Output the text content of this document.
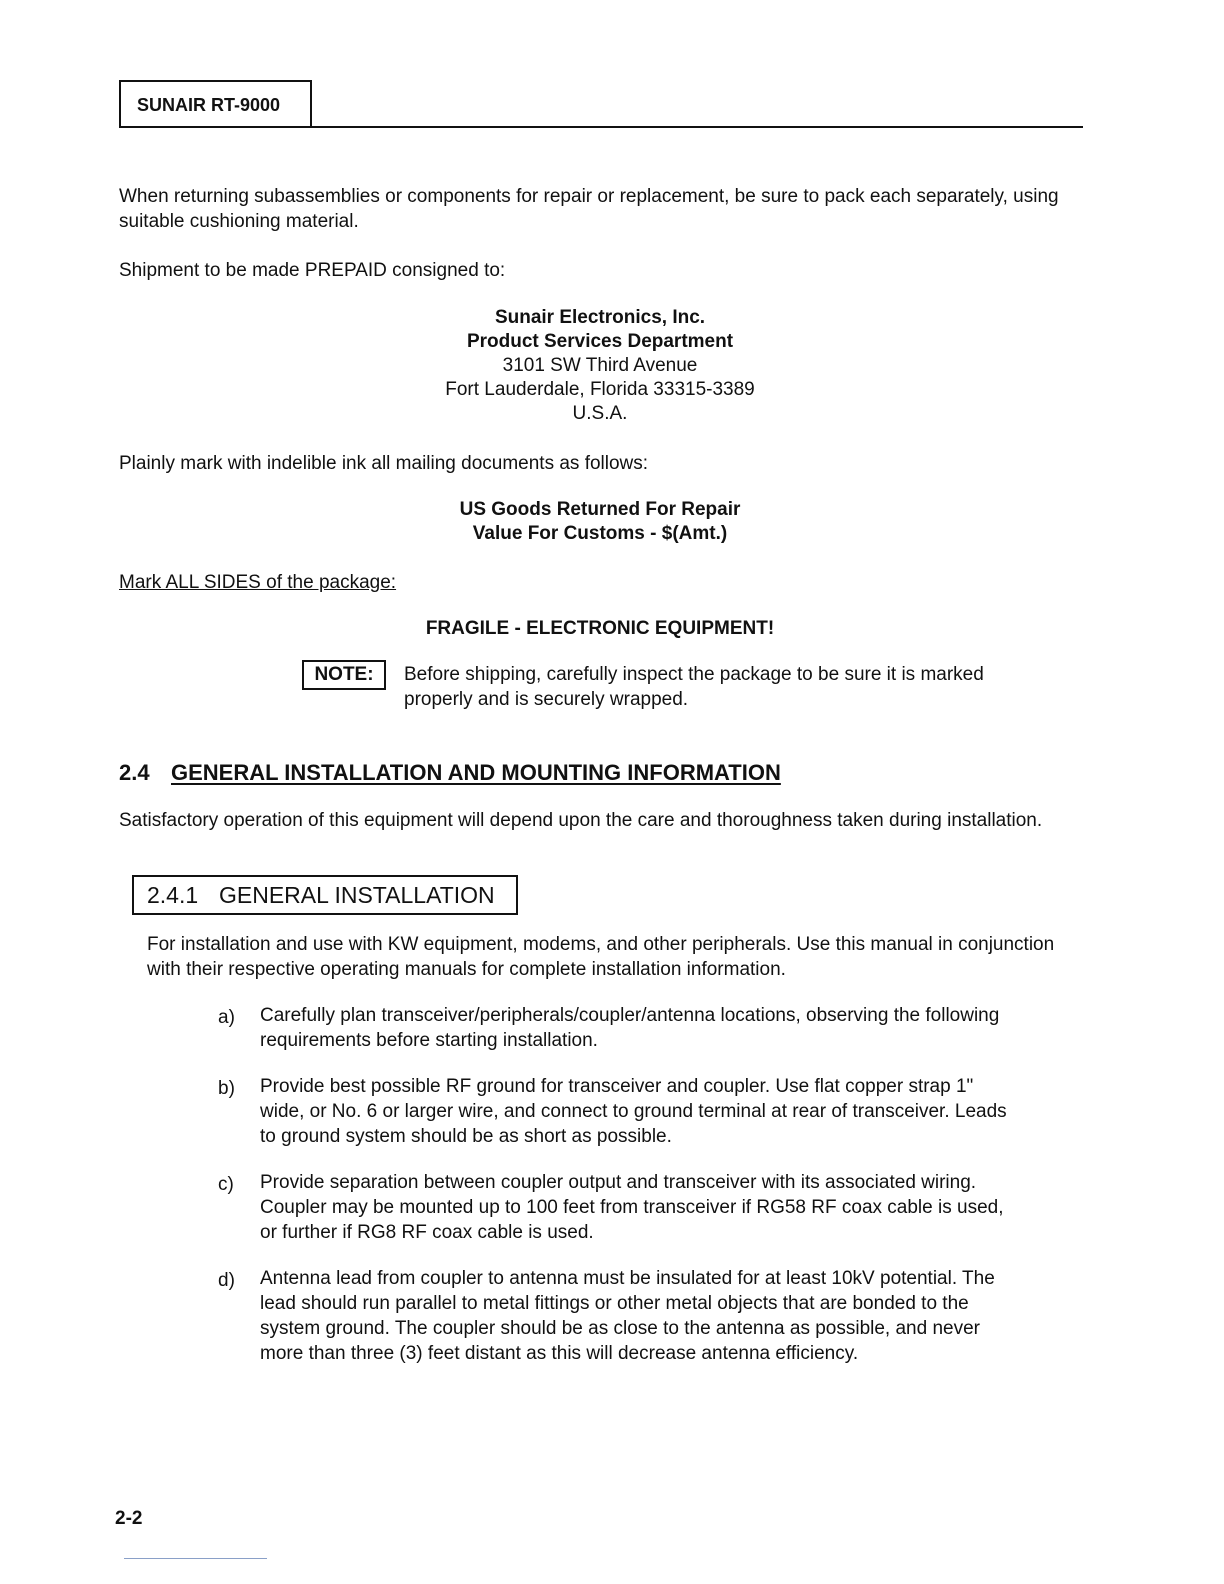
SUNAIR RT-9000
When returning subassemblies or components for repair or replacement, be sure to pack each separately, using suitable cushioning material.
Shipment to be made PREPAID consigned to:
Sunair Electronics, Inc.
Product Services Department
3101 SW Third Avenue
Fort Lauderdale, Florida 33315-3389
U.S.A.
Plainly mark with indelible ink all mailing documents as follows:
US Goods Returned For Repair
Value For Customs - $(Amt.)
Mark ALL SIDES of the package:
FRAGILE - ELECTRONIC EQUIPMENT!
NOTE:	Before shipping, carefully inspect the package to be sure it is marked properly and is securely wrapped.
2.4 GENERAL INSTALLATION AND MOUNTING INFORMATION
Satisfactory operation of this equipment will depend upon the care and thoroughness taken during installation.
2.4.1 GENERAL INSTALLATION
For installation and use with KW equipment, modems, and other peripherals. Use this manual in conjunction with their respective operating manuals for complete installation information.
a)	Carefully plan transceiver/peripherals/coupler/antenna locations, observing the following requirements before starting installation.
b)	Provide best possible RF ground for transceiver and coupler. Use flat copper strap 1" wide, or No. 6 or larger wire, and connect to ground terminal at rear of transceiver. Leads to ground system should be as short as possible.
c)	Provide separation between coupler output and transceiver with its associated wiring. Coupler may be mounted up to 100 feet from transceiver if RG58 RF coax cable is used, or further if RG8 RF coax cable is used.
d)	Antenna lead from coupler to antenna must be insulated for at least 10kV potential. The lead should run parallel to metal fittings or other metal objects that are bonded to the system ground. The coupler should be as close to the antenna as possible, and never more than three (3) feet distant as this will decrease antenna efficiency.
2-2
